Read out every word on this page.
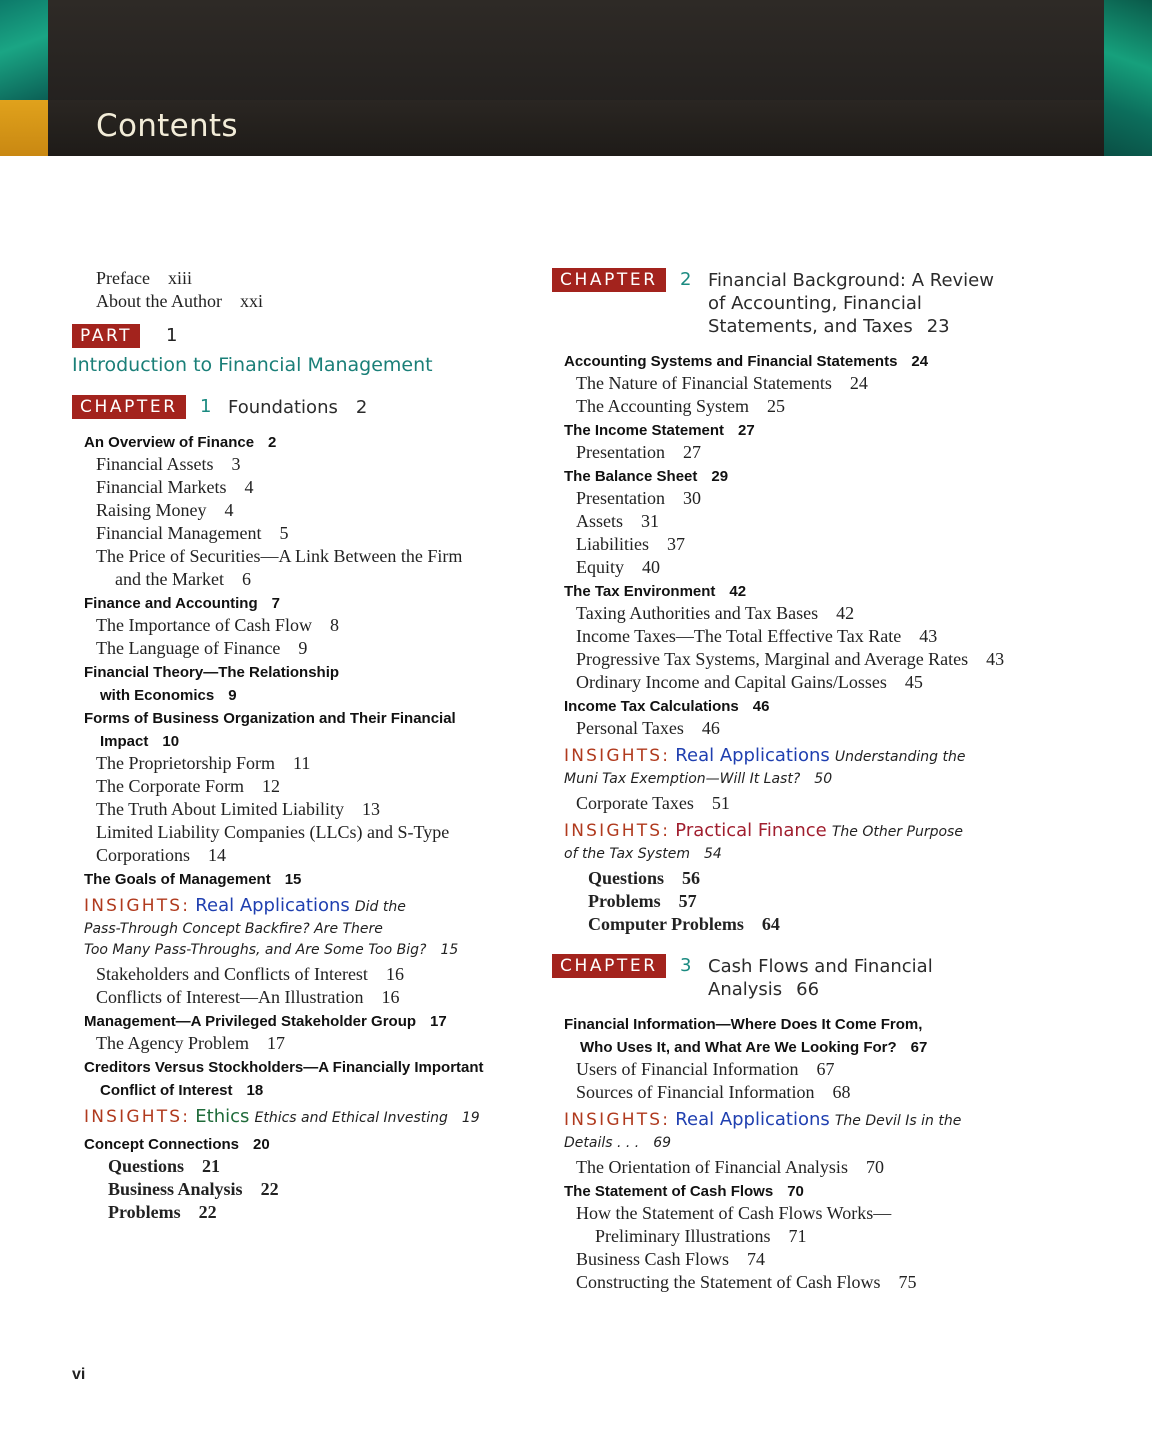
Contents
Preface xiii
About the Author xxi
PART	1
Introduction to Financial Management
CHAPTER	1 Foundations 2
An Overview of Finance 2
Financial Assets 3
Financial Markets 4
Raising Money 4
Financial Management 5
The Price of Securities—A Link Between the Firm
and the Market 6
Finance and Accounting 7
The Importance of Cash Flow 8
The Language of Finance 9
Financial Theory—The Relationship
with Economics 9
Forms of Business Organization and Their Financial
Impact 10
The Proprietorship Form 11
The Corporate Form 12
The Truth About Limited Liability 13
Limited Liability Companies (LLCs) and S-Type
Corporations 14
The Goals of Management 15
INSIGHTS: Real Applications Did the
Pass-Through Concept Backfire? Are There
Too Many Pass-Throughs, and Are Some Too Big? 15
Stakeholders and Conflicts of Interest 16
Conflicts of Interest—An Illustration 16
Management—A Privileged Stakeholder Group 17
The Agency Problem 17
Creditors Versus Stockholders—A Financially Important
Conflict of Interest 18
INSIGHTS: Ethics Ethics and Ethical Investing 19
Concept Connections 20
Questions 21
Business Analysis 22
Problems 22
CHAPTER	2 Financial Background: A Review
of Accounting, Financial
Statements, and Taxes 23
Accounting Systems and Financial Statements 24
The Nature of Financial Statements 24
The Accounting System 25
The Income Statement 27
Presentation 27
The Balance Sheet 29
Presentation 30
Assets 31
Liabilities 37
Equity 40
The Tax Environment 42
Taxing Authorities and Tax Bases 42
Income Taxes—The Total Effective Tax Rate 43
Progressive Tax Systems, Marginal and Average Rates 43
Ordinary Income and Capital Gains/Losses 45
Income Tax Calculations 46
Personal Taxes 46
INSIGHTS: Real Applications Understanding the
Muni Tax Exemption—Will It Last? 50
Corporate Taxes 51
INSIGHTS: Practical Finance The Other Purpose
of the Tax System 54
Questions 56
Problems 57
Computer Problems 64
CHAPTER	3 Cash Flows and Financial
Analysis 66
Financial Information—Where Does It Come From,
Who Uses It, and What Are We Looking For? 67
Users of Financial Information 67
Sources of Financial Information 68
INSIGHTS: Real Applications The Devil Is in the
Details . . . 69
The Orientation of Financial Analysis 70
The Statement of Cash Flows 70
How the Statement of Cash Flows Works—
Preliminary Illustrations 71
Business Cash Flows 74
Constructing the Statement of Cash Flows 75
vi
